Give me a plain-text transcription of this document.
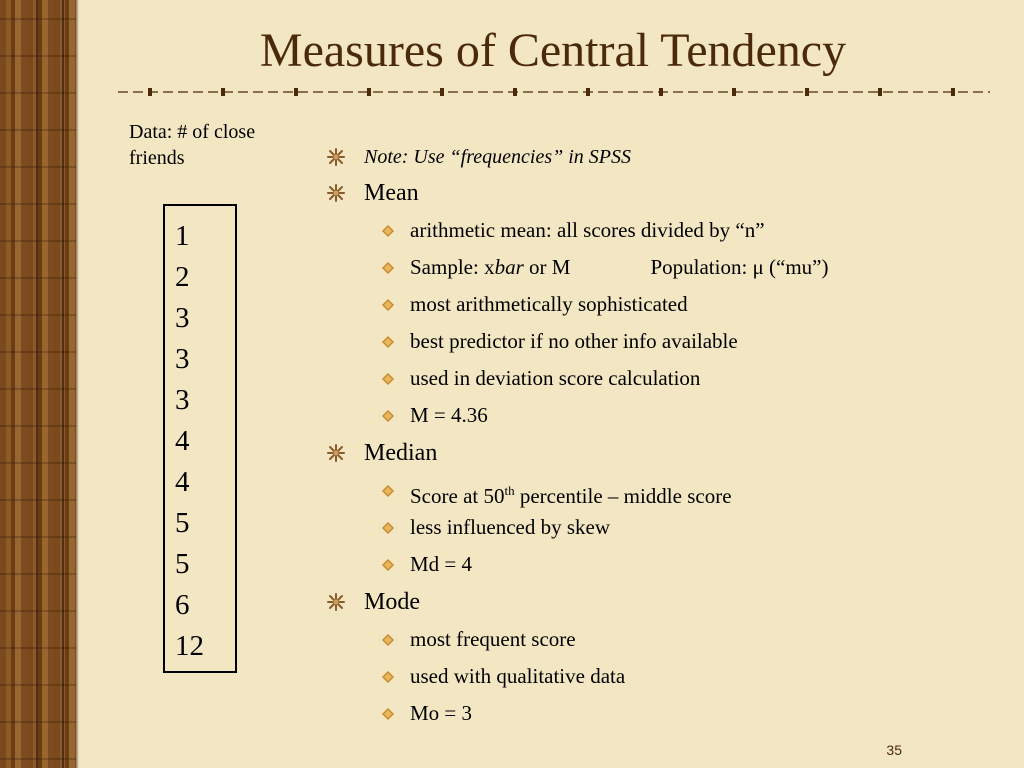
Measures of Central Tendency
Data: # of close
friends
1
2
3
3
3
4
4
5
5
6
12
Note: Use “frequencies” in SPSS
Mean
arithmetic mean: all scores divided by “n”
Sample: xbar or M	Population: μ (“mu”)
most arithmetically sophisticated
best predictor if no other info available
used in deviation score calculation
M = 4.36
Median
Score at 50th percentile – middle score
less influenced by skew
Md = 4
Mode
most frequent score
used with qualitative data
Mo = 3
35
